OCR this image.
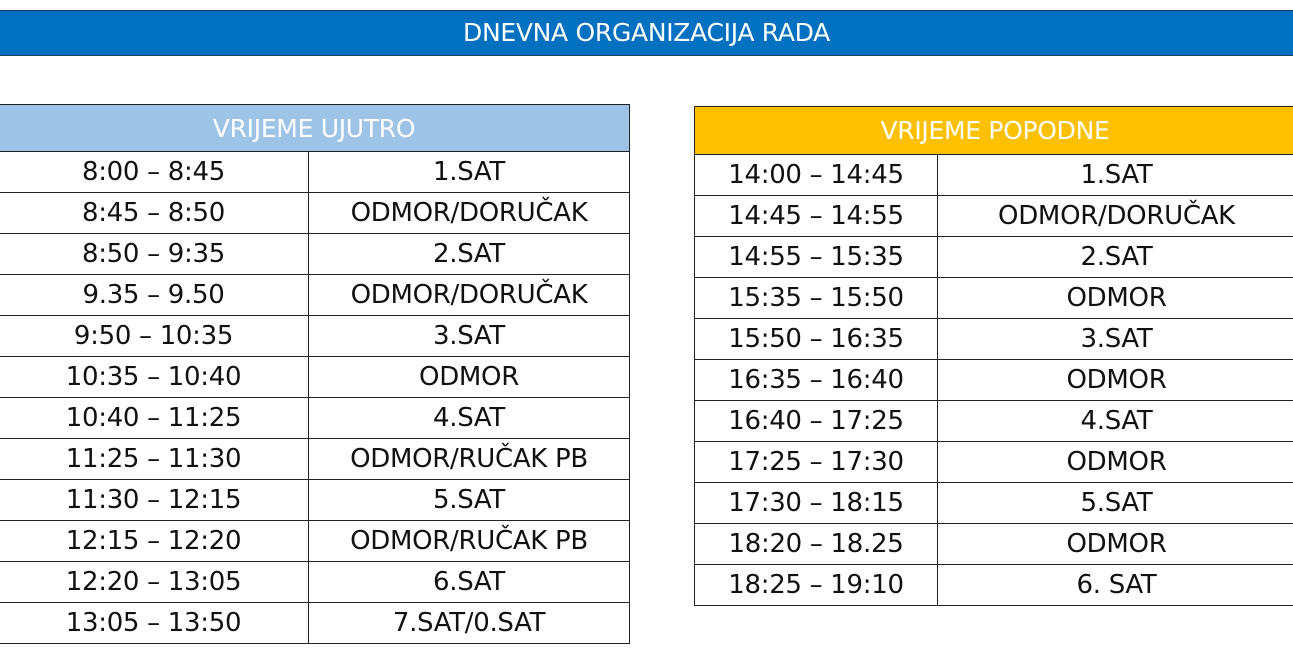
DNEVNA ORGANIZACIJA RADA
VRIJEME UJUTRO	
8:00 – 8:45	1.SAT
8:45 – 8:50	ODMOR/DORUČAK
8:50 – 9:35	2.SAT
9.35 – 9.50	ODMOR/DORUČAK
9:50 – 10:35	3.SAT
10:35 – 10:40	ODMOR
10:40 – 11:25	4.SAT
11:25 – 11:30	ODMOR/RUČAK PB
11:30 – 12:15	5.SAT
12:15 – 12:20	ODMOR/RUČAK PB
12:20 – 13:05	6.SAT
13:05 – 13:50	7.SAT/0.SAT
VRIJEME POPODNE	
14:00 – 14:45	1.SAT
14:45 – 14:55	ODMOR/DORUČAK
14:55 – 15:35	2.SAT
15:35 – 15:50	ODMOR
15:50 – 16:35	3.SAT
16:35 – 16:40	ODMOR
16:40 – 17:25	4.SAT
17:25 – 17:30	ODMOR
17:30 – 18:15	5.SAT
18:20 – 18.25	ODMOR
18:25 – 19:10	6. SAT
